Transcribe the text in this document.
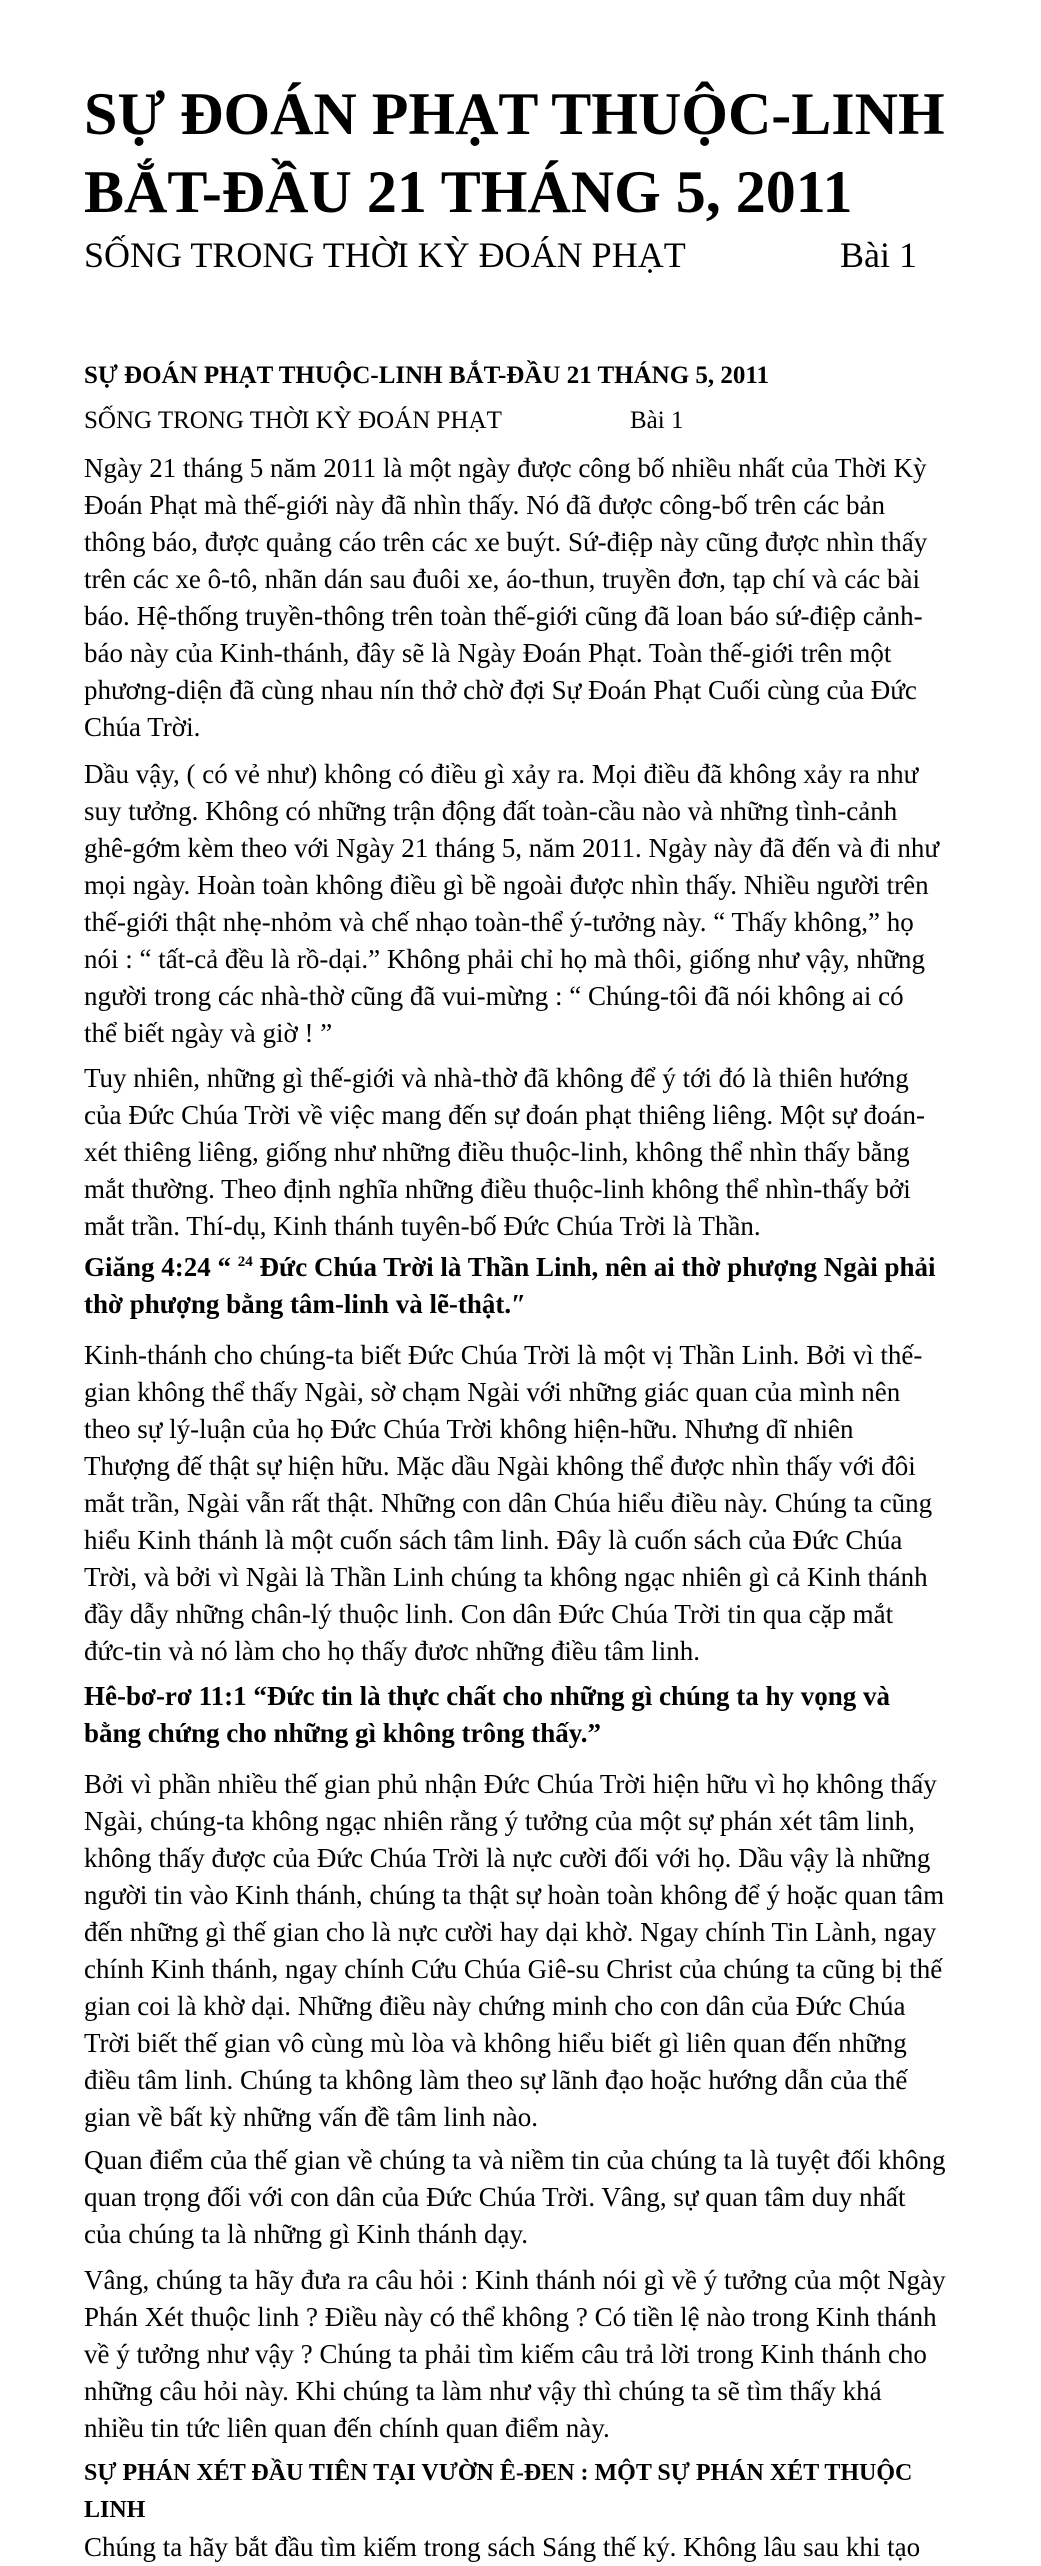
SỰ ĐOÁN PHẠT THUỘC-LINH
BẮT-ĐẦU 21 THÁNG 5, 2011
SỐNG TRONG THỜI KỲ ĐOÁN PHẠT	Bài 1
SỰ ĐOÁN PHẠT THUỘC-LINH BẮT-ĐẦU 21 THÁNG 5, 2011
SỐNG TRONG THỜI KỲ ĐOÁN PHẠT	Bài 1
Ngày 21 tháng 5 năm 2011 là một ngày được công bố nhiều nhất của Thời Kỳ
Đoán Phạt mà thế-giới này đã nhìn thấy. Nó đã được công-bố trên các bản
thông báo, được quảng cáo trên các xe buýt. Sứ-điệp này cũng được nhìn thấy
trên các xe ô-tô, nhãn dán sau đuôi xe, áo-thun, truyền đơn, tạp chí và các bài
báo. Hệ-thống truyền-thông trên toàn thế-giới cũng đã loan báo sứ-điệp cảnh-
báo này của Kinh-thánh, đây sẽ là Ngày Đoán Phạt. Toàn thế-giới trên một
phương-diện đã cùng nhau nín thở chờ đợi Sự Đoán Phạt Cuối cùng của Đức
Chúa Trời.
Dầu vậy, ( có vẻ như) không có điều gì xảy ra. Mọi điều đã không xảy ra như
suy tưởng. Không có những trận động đất toàn-cầu nào và những tình-cảnh
ghê-gớm kèm theo với Ngày 21 tháng 5, năm 2011. Ngày này đã đến và đi như
mọi ngày. Hoàn toàn không điều gì bề ngoài được nhìn thấy. Nhiều người trên
thế-giới thật nhẹ-nhỏm và chế nhạo toàn-thể ý-tưởng này. “ Thấy không,” họ
nói : “ tất-cả đều là rồ-dại.” Không phải chỉ họ mà thôi, giống như vậy, những
người trong các nhà-thờ cũng đã vui-mừng : “ Chúng-tôi đã nói không ai có
thể biết ngày và giờ ! ”
Tuy nhiên, những gì thế-giới và nhà-thờ đã không để ý tới đó là thiên hướng
của Đức Chúa Trời về việc mang đến sự đoán phạt thiêng liêng. Một sự đoán-
xét thiêng liêng, giống như những điều thuộc-linh, không thể nhìn thấy bằng
mắt thường. Theo định nghĩa những điều thuộc-linh không thể nhìn-thấy bởi
mắt trần. Thí-dụ, Kinh thánh tuyên-bố Đức Chúa Trời là Thần.
Giăng 4:24 “ $^{24}$ Đức Chúa Trời là Thần Linh, nên ai thờ phượng Ngài phải
thờ phượng bằng tâm-linh và lẽ-thật.″
Kinh-thánh cho chúng-ta biết Đức Chúa Trời là một vị Thần Linh. Bởi vì thế-
gian không thể thấy Ngài, sờ chạm Ngài với những giác quan của mình nên
theo sự lý-luận của họ Đức Chúa Trời không hiện-hữu. Nhưng dĩ nhiên
Thượng đế thật sự hiện hữu. Mặc dầu Ngài không thể được nhìn thấy với đôi
mắt trần, Ngài vẫn rất thật. Những con dân Chúa hiểu điều này. Chúng ta cũng
hiểu Kinh thánh là một cuốn sách tâm linh. Đây là cuốn sách của Đức Chúa
Trời, và bởi vì Ngài là Thần Linh chúng ta không ngạc nhiên gì cả Kinh thánh
đầy dẫy những chân-lý thuộc linh. Con dân Đức Chúa Trời tin qua cặp mắt
đức-tin và nó làm cho họ thấy đươc những điều tâm linh.
Hê-bơ-rơ 11:1 “Đức tin là thực chất cho những gì chúng ta hy vọng và
bằng chứng cho những gì không trông thấy.”
Bởi vì phần nhiều thế gian phủ nhận Đức Chúa Trời hiện hữu vì họ không thấy
Ngài, chúng-ta không ngạc nhiên rằng ý tưởng của một sự phán xét tâm linh,
không thấy được của Đức Chúa Trời là nực cười đối với họ. Dầu vậy là những
người tin vào Kinh thánh, chúng ta thật sự hoàn toàn không để ý hoặc quan tâm
đến những gì thế gian cho là nực cười hay dại khờ. Ngay chính Tin Lành, ngay
chính Kinh thánh, ngay chính Cứu Chúa Giê-su Christ của chúng ta cũng bị thế
gian coi là khờ dại. Những điều này chứng minh cho con dân của Đức Chúa
Trời biết thế gian vô cùng mù lòa và không hiểu biết gì liên quan đến những
điều tâm linh. Chúng ta không làm theo sự lãnh đạo hoặc hướng dẫn của thế
gian về bất kỳ những vấn đề tâm linh nào.
Quan điểm của thế gian về chúng ta và niềm tin của chúng ta là tuyệt đối không
quan trọng đối với con dân của Đức Chúa Trời. Vâng, sự quan tâm duy nhất
của chúng ta là những gì Kinh thánh dạy.
Vâng, chúng ta hãy đưa ra câu hỏi : Kinh thánh nói gì về ý tưởng của một Ngày
Phán Xét thuộc linh ? Điều này có thể không ? Có tiền lệ nào trong Kinh thánh
về ý tưởng như vậy ? Chúng ta phải tìm kiếm câu trả lời trong Kinh thánh cho
những câu hỏi này. Khi chúng ta làm như vậy thì chúng ta sẽ tìm thấy khá
nhiều tin tức liên quan đến chính quan điểm này.
SỰ PHÁN XÉT ĐẦU TIÊN TẠI VƯỜN Ê-ĐEN : MỘT SỰ PHÁN XÉT THUỘC
LINH
Chúng ta hãy bắt đầu tìm kiếm trong sách Sáng thế ký. Không lâu sau khi tạo
